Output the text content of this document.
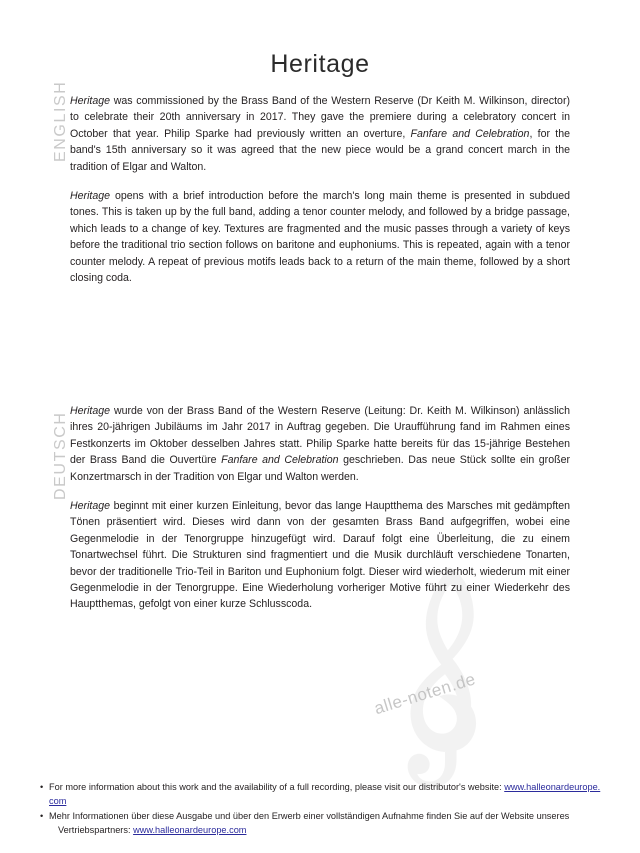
alle-noten.de
Heritage
ENGLISH
DEUTSCH

Heritage was commissioned by the Brass Band of the Western Reserve (Dr Keith M. Wilkinson, director) to celebrate their 20th anniversary in 2017. They gave the premiere during a celebratory concert in October that year. Philip Sparke had previously written an overture, Fanfare and Celebration, for the band's 15th anniversary so it was agreed that the new piece would be a grand concert march in the tradition of Elgar and Walton.

Heritage opens with a brief introduction before the march's long main theme is presented in subdued tones. This is taken up by the full band, adding a tenor counter melody, and followed by a bridge passage, which leads to a change of key. Textures are fragmented and the music passes through a variety of keys before the traditional trio section follows on baritone and euphoniums. This is repeated, again with a tenor counter melody. A repeat of previous motifs leads back to a return of the main theme, followed by a short closing coda.

Heritage wurde von der Brass Band of the Western Reserve (Leitung: Dr. Keith M. Wilkinson) anlässlich ihres 20-jährigen Jubiläums im Jahr 2017 in Auftrag gegeben. Die Uraufführung fand im Rahmen eines Festkonzerts im Oktober desselben Jahres statt. Philip Sparke hatte bereits für das 15-jährige Bestehen der Brass Band die Ouvertüre Fanfare and Celebration geschrieben. Das neue Stück sollte ein großer Konzertmarsch in der Tradition von Elgar und Walton werden.

Heritage beginnt mit einer kurzen Einleitung, bevor das lange Hauptthema des Marsches mit gedämpften Tönen präsentiert wird. Dieses wird dann von der gesamten Brass Band aufgegriffen, wobei eine Gegenmelodie in der Tenorgruppe hinzugefügt wird. Darauf folgt eine Überleitung, die zu einem Tonartwechsel führt. Die Strukturen sind fragmentiert und die Musik durchläuft verschiedene Tonarten, bevor der traditionelle Trio-Teil in Bariton und Euphonium folgt. Dieser wird wiederholt, wiederum mit einer Gegenmelodie in der Tenorgruppe. Eine Wiederholung vorheriger Motive führt zu einer Wiederkehr des Hauptthemas, gefolgt von einer kurze Schlusscoda.

• For more information about this work and the availability of a full recording, please visit our distributor's website: www.halleonardeurope.com
• Mehr Informationen über diese Ausgabe und über den Erwerb einer vollständigen Aufnahme finden Sie auf der Website unseres
Vertriebspartners: www.halleonardeurope.com
